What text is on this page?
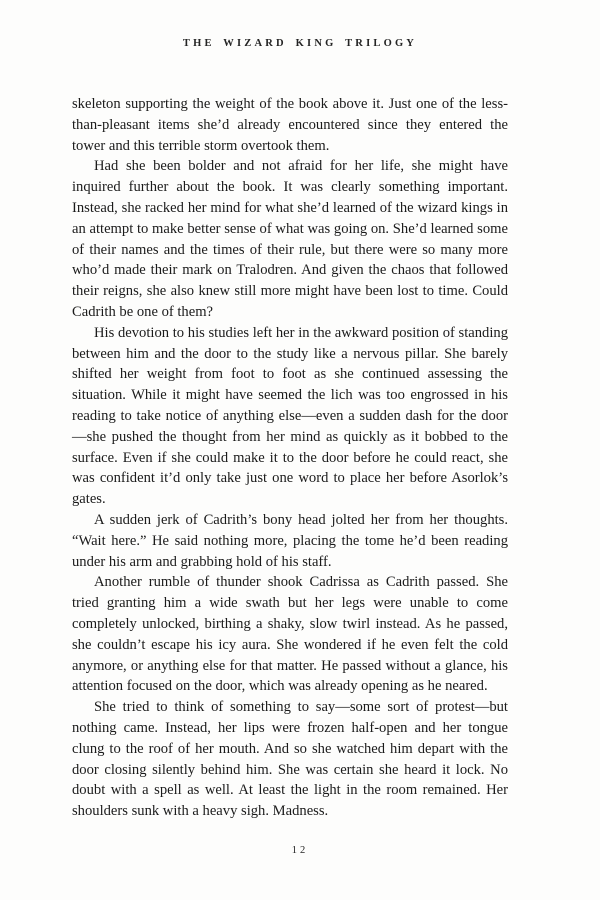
THE WIZARD KING TRILOGY

skeleton supporting the weight of the book above it. Just one of the less-than-pleasant items she’d already encountered since they entered the tower and this terrible storm overtook them.

Had she been bolder and not afraid for her life, she might have inquired further about the book. It was clearly something important. Instead, she racked her mind for what she’d learned of the wizard kings in an attempt to make better sense of what was going on. She’d learned some of their names and the times of their rule, but there were so many more who’d made their mark on Tralodren. And given the chaos that followed their reigns, she also knew still more might have been lost to time. Could Cadrith be one of them?

His devotion to his studies left her in the awkward position of standing between him and the door to the study like a nervous pillar. She barely shifted her weight from foot to foot as she continued assessing the situation. While it might have seemed the lich was too engrossed in his reading to take notice of anything else—even a sudden dash for the door—she pushed the thought from her mind as quickly as it bobbed to the surface. Even if she could make it to the door before he could react, she was confident it’d only take just one word to place her before Asorlok’s gates.

A sudden jerk of Cadrith’s bony head jolted her from her thoughts. “Wait here.” He said nothing more, placing the tome he’d been reading under his arm and grabbing hold of his staff.

Another rumble of thunder shook Cadrissa as Cadrith passed. She tried granting him a wide swath but her legs were unable to come completely unlocked, birthing a shaky, slow twirl instead. As he passed, she couldn’t escape his icy aura. She wondered if he even felt the cold anymore, or anything else for that matter. He passed without a glance, his attention focused on the door, which was already opening as he neared.

She tried to think of something to say—some sort of protest—but nothing came. Instead, her lips were frozen half-open and her tongue clung to the roof of her mouth. And so she watched him depart with the door closing silently behind him. She was certain she heard it lock. No doubt with a spell as well. At least the light in the room remained. Her shoulders sunk with a heavy sigh. Madness.

12
